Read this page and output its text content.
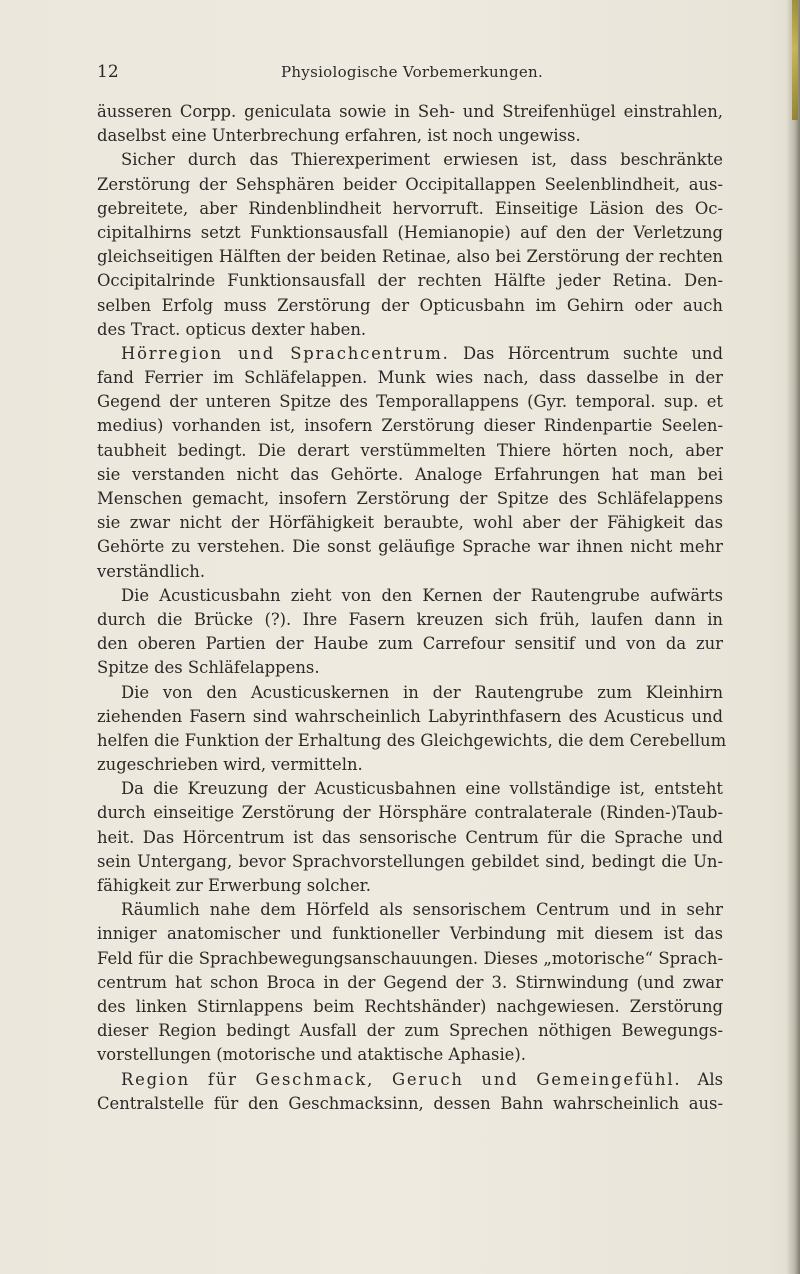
12	Physiologische Vorbemerkungen.
äusseren Corpp. geniculata sowie in Seh- und Streifenhügel einstrahlen,
daselbst eine Unterbrechung erfahren, ist noch ungewiss.
Sicher durch das Thierexperiment erwiesen ist, dass beschränkte
Zerstörung der Sehsphären beider Occipitallappen Seelenblindheit, aus-
gebreitete, aber Rindenblindheit hervorruft. Einseitige Läsion des Oc-
cipitalhirns setzt Funktionsausfall (Hemianopie) auf den der Verletzung
gleichseitigen Hälften der beiden Retinae, also bei Zerstörung der rechten
Occipitalrinde Funktionsausfall der rechten Hälfte jeder Retina. Den-
selben Erfolg muss Zerstörung der Opticusbahn im Gehirn oder auch
des Tract. opticus dexter haben.
Hörregion und Sprachcentrum. Das Hörcentrum suchte und
fand Ferrier im Schläfelappen. Munk wies nach, dass dasselbe in der
Gegend der unteren Spitze des Temporallappens (Gyr. temporal. sup. et
medius) vorhanden ist, insofern Zerstörung dieser Rindenpartie Seelen-
taubheit bedingt. Die derart verstümmelten Thiere hörten noch, aber
sie verstanden nicht das Gehörte. Analoge Erfahrungen hat man bei
Menschen gemacht, insofern Zerstörung der Spitze des Schläfelappens
sie zwar nicht der Hörfähigkeit beraubte, wohl aber der Fähigkeit das
Gehörte zu verstehen. Die sonst geläufige Sprache war ihnen nicht mehr
verständlich.
Die Acusticusbahn zieht von den Kernen der Rautengrube aufwärts
durch die Brücke (?). Ihre Fasern kreuzen sich früh, laufen dann in
den oberen Partien der Haube zum Carrefour sensitif und von da zur
Spitze des Schläfelappens.
Die von den Acusticuskernen in der Rautengrube zum Kleinhirn
ziehenden Fasern sind wahrscheinlich Labyrinthfasern des Acusticus und
helfen die Funktion der Erhaltung des Gleichgewichts, die dem Cerebellum
zugeschrieben wird, vermitteln.
Da die Kreuzung der Acusticusbahnen eine vollständige ist, entsteht
durch einseitige Zerstörung der Hörsphäre contralaterale (Rinden-)Taub-
heit. Das Hörcentrum ist das sensorische Centrum für die Sprache und
sein Untergang, bevor Sprachvorstellungen gebildet sind, bedingt die Un-
fähigkeit zur Erwerbung solcher.
Räumlich nahe dem Hörfeld als sensorischem Centrum und in sehr
inniger anatomischer und funktioneller Verbindung mit diesem ist das
Feld für die Sprachbewegungsanschauungen. Dieses „motorische“ Sprach-
centrum hat schon Broca in der Gegend der 3. Stirnwindung (und zwar
des linken Stirnlappens beim Rechtshänder) nachgewiesen. Zerstörung
dieser Region bedingt Ausfall der zum Sprechen nöthigen Bewegungs-
vorstellungen (motorische und ataktische Aphasie).
Region für Geschmack, Geruch und Gemeingefühl. Als
Centralstelle für den Geschmacksinn, dessen Bahn wahrscheinlich aus-
